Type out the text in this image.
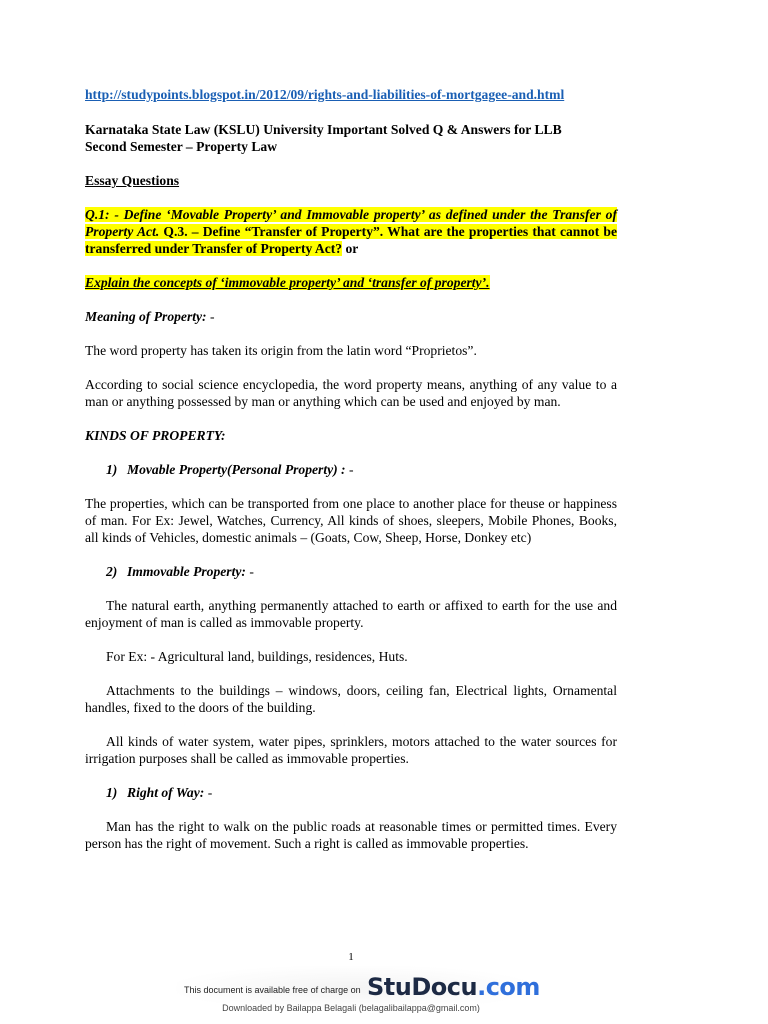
http://studypoints.blogspot.in/2012/09/rights-and-liabilities-of-mortgagee-and.html

Karnataka State Law (KSLU) University Important Solved Q & Answers for LLB
Second Semester – Property Law

Essay Questions

Q.1: - Define ‘Movable Property’ and Immovable property’ as defined under the Transfer of Property Act. Q.3. – Define “Transfer of Property”. What are the properties that cannot be transferred under Transfer of Property Act? or

Explain the concepts of ‘immovable property’ and ‘transfer of property’.

Meaning of Property: -

The word property has taken its origin from the latin word “Proprietos”.

According to social science encyclopedia, the word property means, anything of any value to a man or anything possessed by man or anything which can be used and enjoyed by man.

KINDS OF PROPERTY:

1) Movable Property(Personal Property) : -

The properties, which can be transported from one place to another place for theuse or happiness of man. For Ex: Jewel, Watches, Currency, All kinds of shoes, sleepers, Mobile Phones, Books, all kinds of Vehicles, domestic animals – (Goats, Cow, Sheep, Horse, Donkey etc)

2) Immovable Property: -

The natural earth, anything permanently attached to earth or affixed to earth for the use and enjoyment of man is called as immovable property.

For Ex: - Agricultural land, buildings, residences, Huts.

Attachments to the buildings – windows, doors, ceiling fan, Electrical lights, Ornamental handles, fixed to the doors of the building.

All kinds of water system, water pipes, sprinklers, motors attached to the water sources for irrigation purposes shall be called as immovable properties.

1) Right of Way: -

Man has the right to walk on the public roads at reasonable times or permitted times. Every person has the right of movement. Such a right is called as immovable properties.

1
This document is available free of charge on StuDocu.com
Downloaded by Bailappa Belagali (belagalibailappa@gmail.com)
